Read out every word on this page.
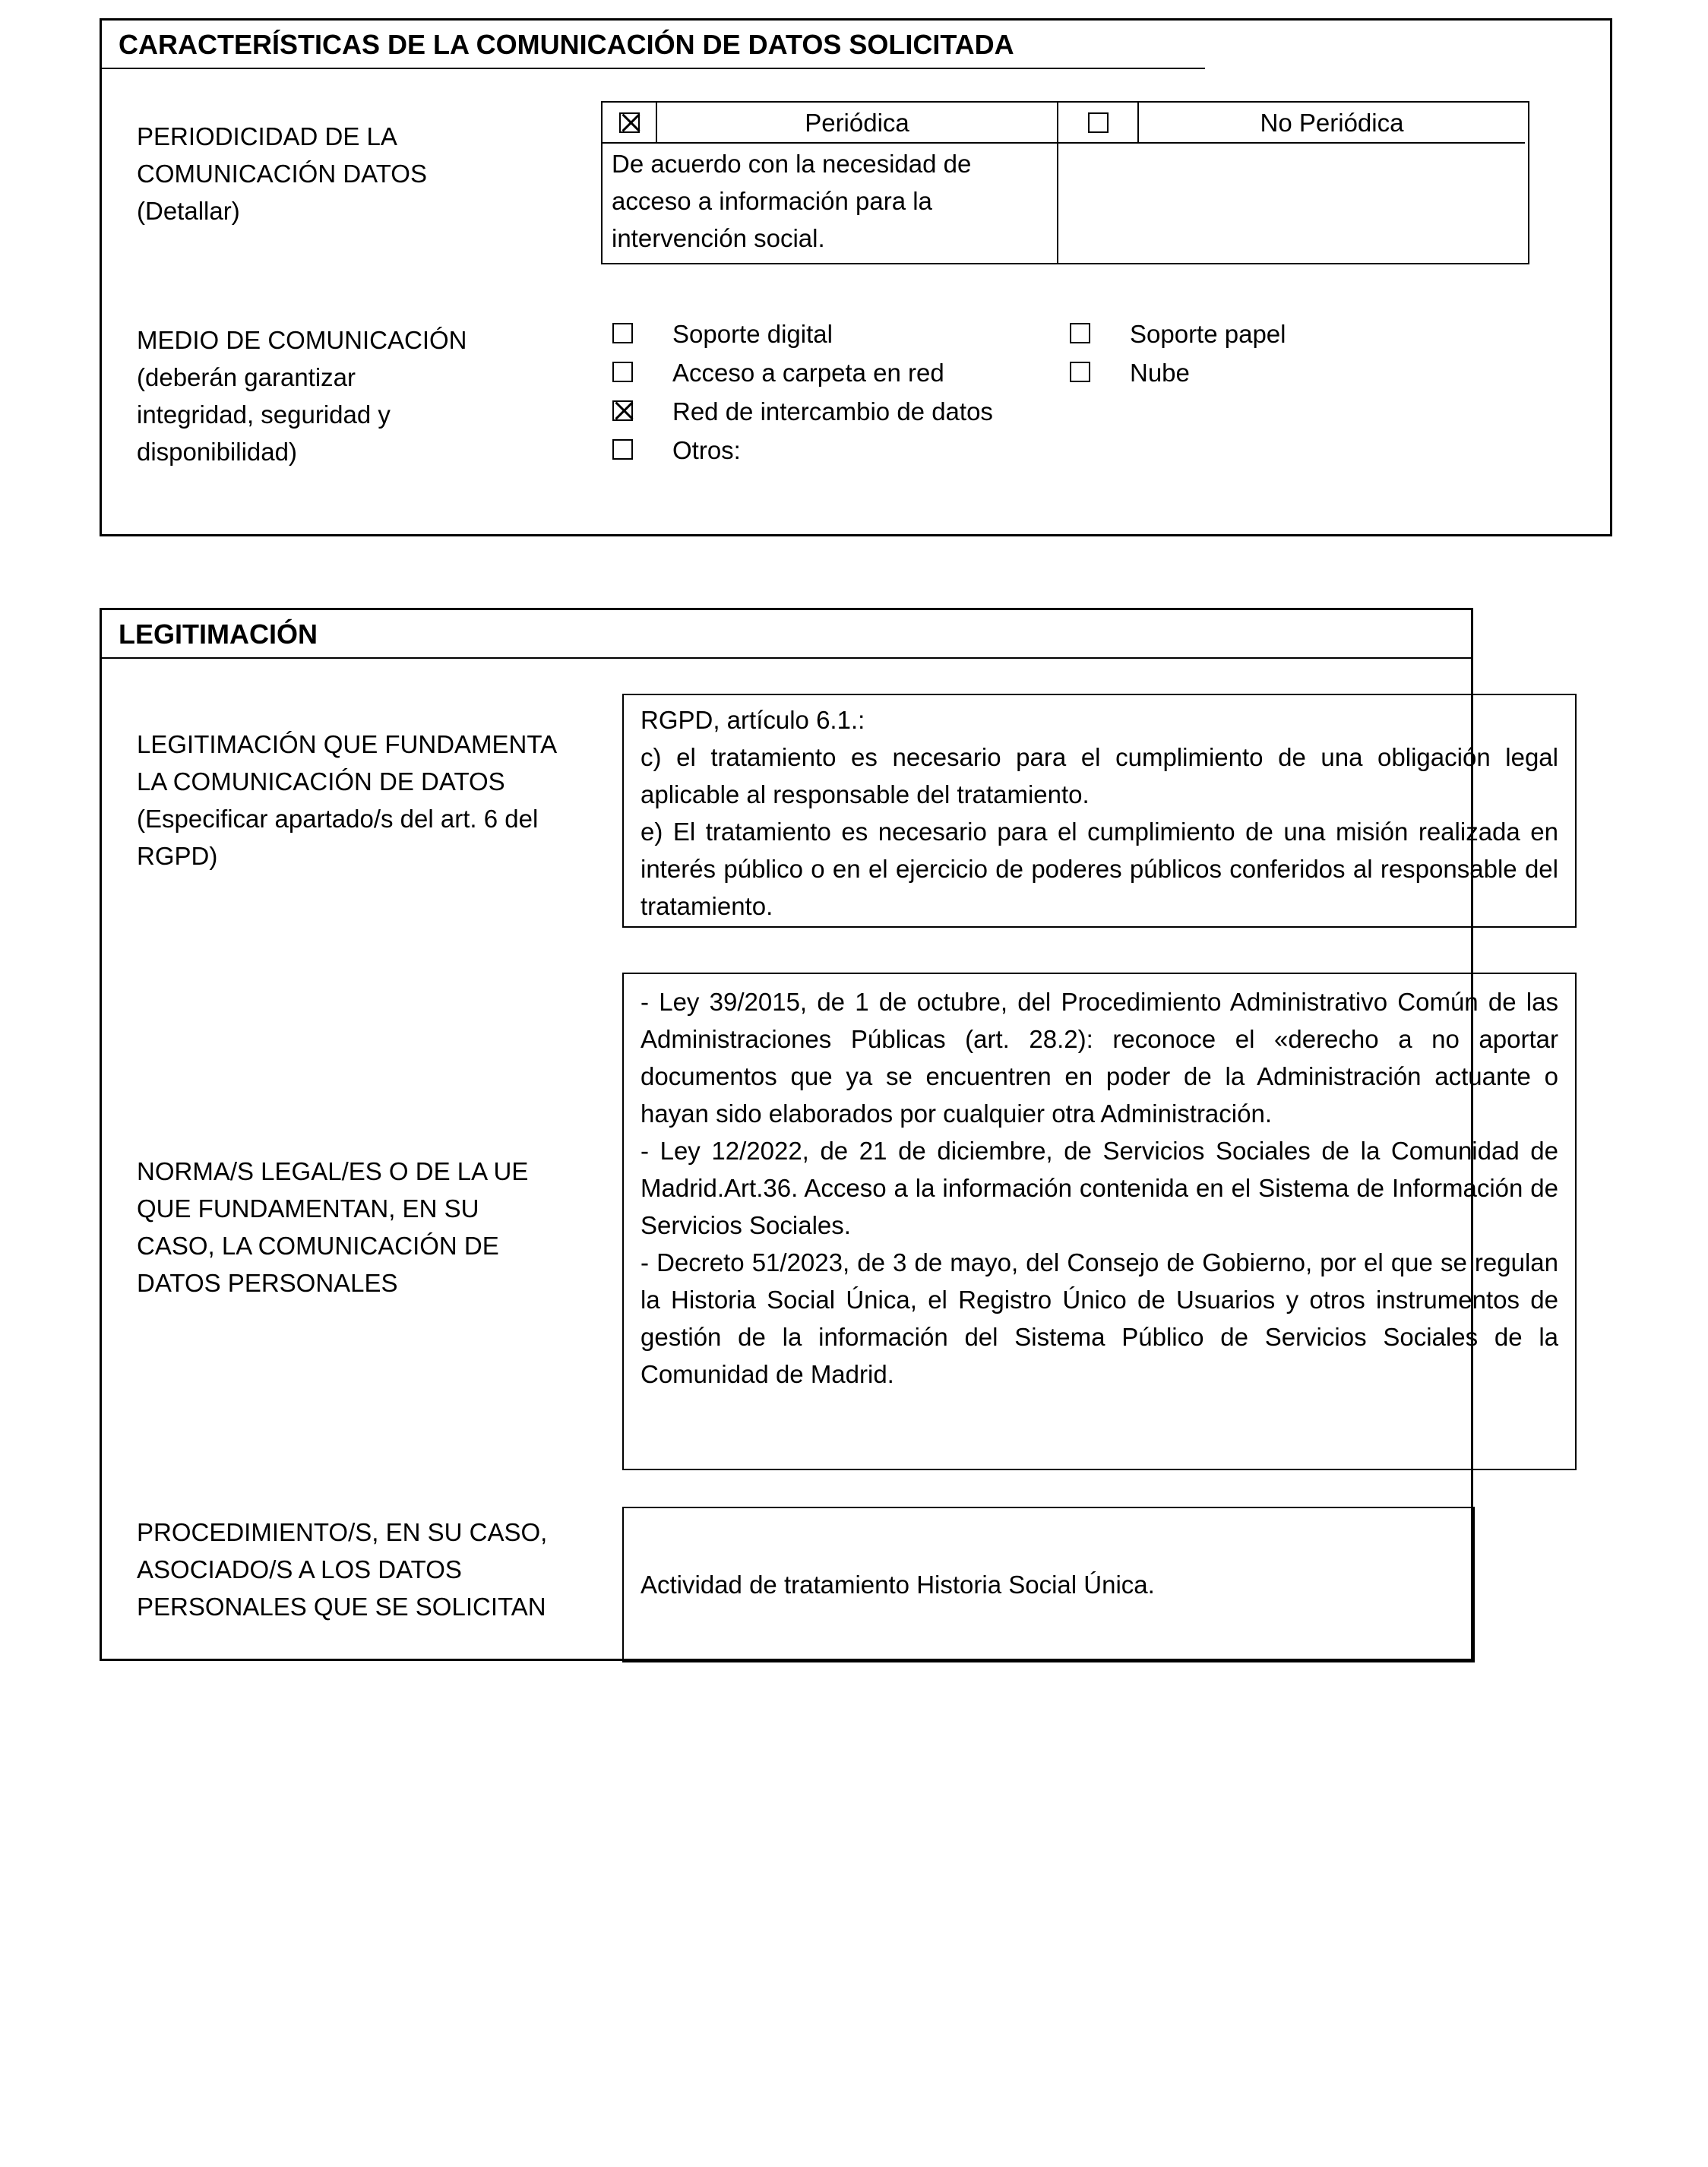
CARACTERÍSTICAS DE LA COMUNICACIÓN DE DATOS SOLICITADA
PERIODICIDAD DE LA COMUNICACIÓN DATOS
(Detallar)
Periódica	No Periódica
De acuerdo con la necesidad de acceso a información para la intervención social.
MEDIO DE COMUNICACIÓN
(deberán garantizar integridad, seguridad y disponibilidad)
Soporte digital
Acceso a carpeta en red
Red de intercambio de datos
Otros:
Soporte papel
Nube
LEGITIMACIÓN
LEGITIMACIÓN QUE FUNDAMENTA LA COMUNICACIÓN DE DATOS
(Especificar apartado/s del art. 6 del RGPD)

RGPD, artículo 6.1.:

c) el tratamiento es necesario para el cumplimiento de una obligación legal aplicable al responsable del tratamiento.

e) El tratamiento es necesario para el cumplimiento de una misión realizada en interés público o en el ejercicio de poderes públicos conferidos al responsable del tratamiento.

NORMA/S LEGAL/ES O DE LA UE QUE FUNDAMENTAN, EN SU CASO, LA COMUNICACIÓN DE DATOS PERSONALES

- Ley 39/2015, de 1 de octubre, del Procedimiento Administrativo Común de las Administraciones Públicas (art. 28.2): reconoce el «derecho a no aportar documentos que ya se encuentren en poder de la Administración actuante o hayan sido elaborados por cualquier otra Administración.

- Ley 12/2022, de 21 de diciembre, de Servicios Sociales de la Comunidad de Madrid.Art.36. Acceso a la información contenida en el Sistema de Información de Servicios Sociales.

- Decreto 51/2023, de 3 de mayo, del Consejo de Gobierno, por el que se regulan la Historia Social Única, el Registro Único de Usuarios y otros instrumentos de gestión de la información del Sistema Público de Servicios Sociales de la Comunidad de Madrid.

PROCEDIMIENTO/S, EN SU CASO, ASOCIADO/S A LOS DATOS PERSONALES QUE SE SOLICITAN

Actividad de tratamiento Historia Social Única.
